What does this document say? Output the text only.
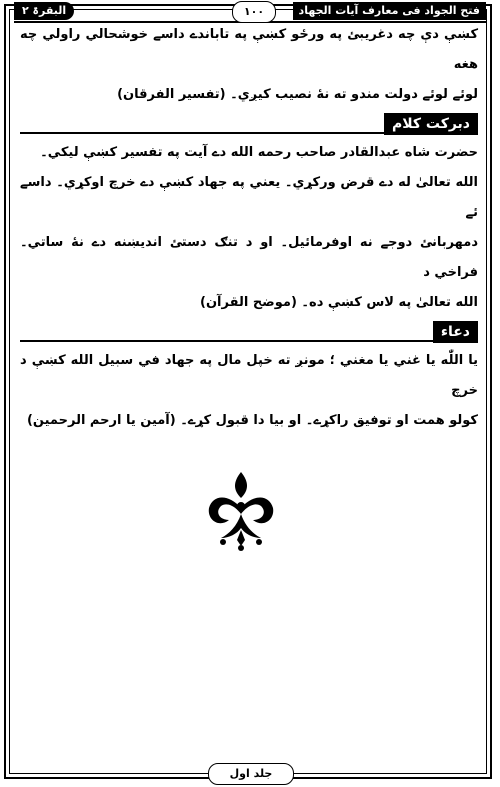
فتح الجواد فی معارف آیات الجهاد
۱۰۰
البقرۃ ۲

کښې دې چه دغریبئ په ورځو کښې په تاباندے داسے خوشحالي راولي چه هغه

لوئے لوئے دولت مندو ته نهٔ نصیب کیږي۔ (تفسیر الفرقان)

دبرکت کلام

حضرت شاه عبدالقادر صاحب رحمه الله دے آیت په تفسیر کښې لیکي۔

الله تعالیٰ له دے قرض ورکړي۔ یعني په جهاد کښې دے خرچ اوکړي۔ داسے ئے

دمهربانئ دوجے نه اوفرمائیل۔ او د تنګ دستئ اندیښنه دے نهٔ ساتي۔ فراخي د

الله تعالیٰ په لاس کښې ده۔ (موضح القرآن)

دعاء

یا اللّٰه یا غني یا مغني ؛ مونږ ته خپل مال په جهاد في سبیل الله کښې د خرچ

کولو همت او توفیق راکړے۔ او بیا دا قبول کړے۔ (آمین یا ارحم الرحمین)

جلد اول
